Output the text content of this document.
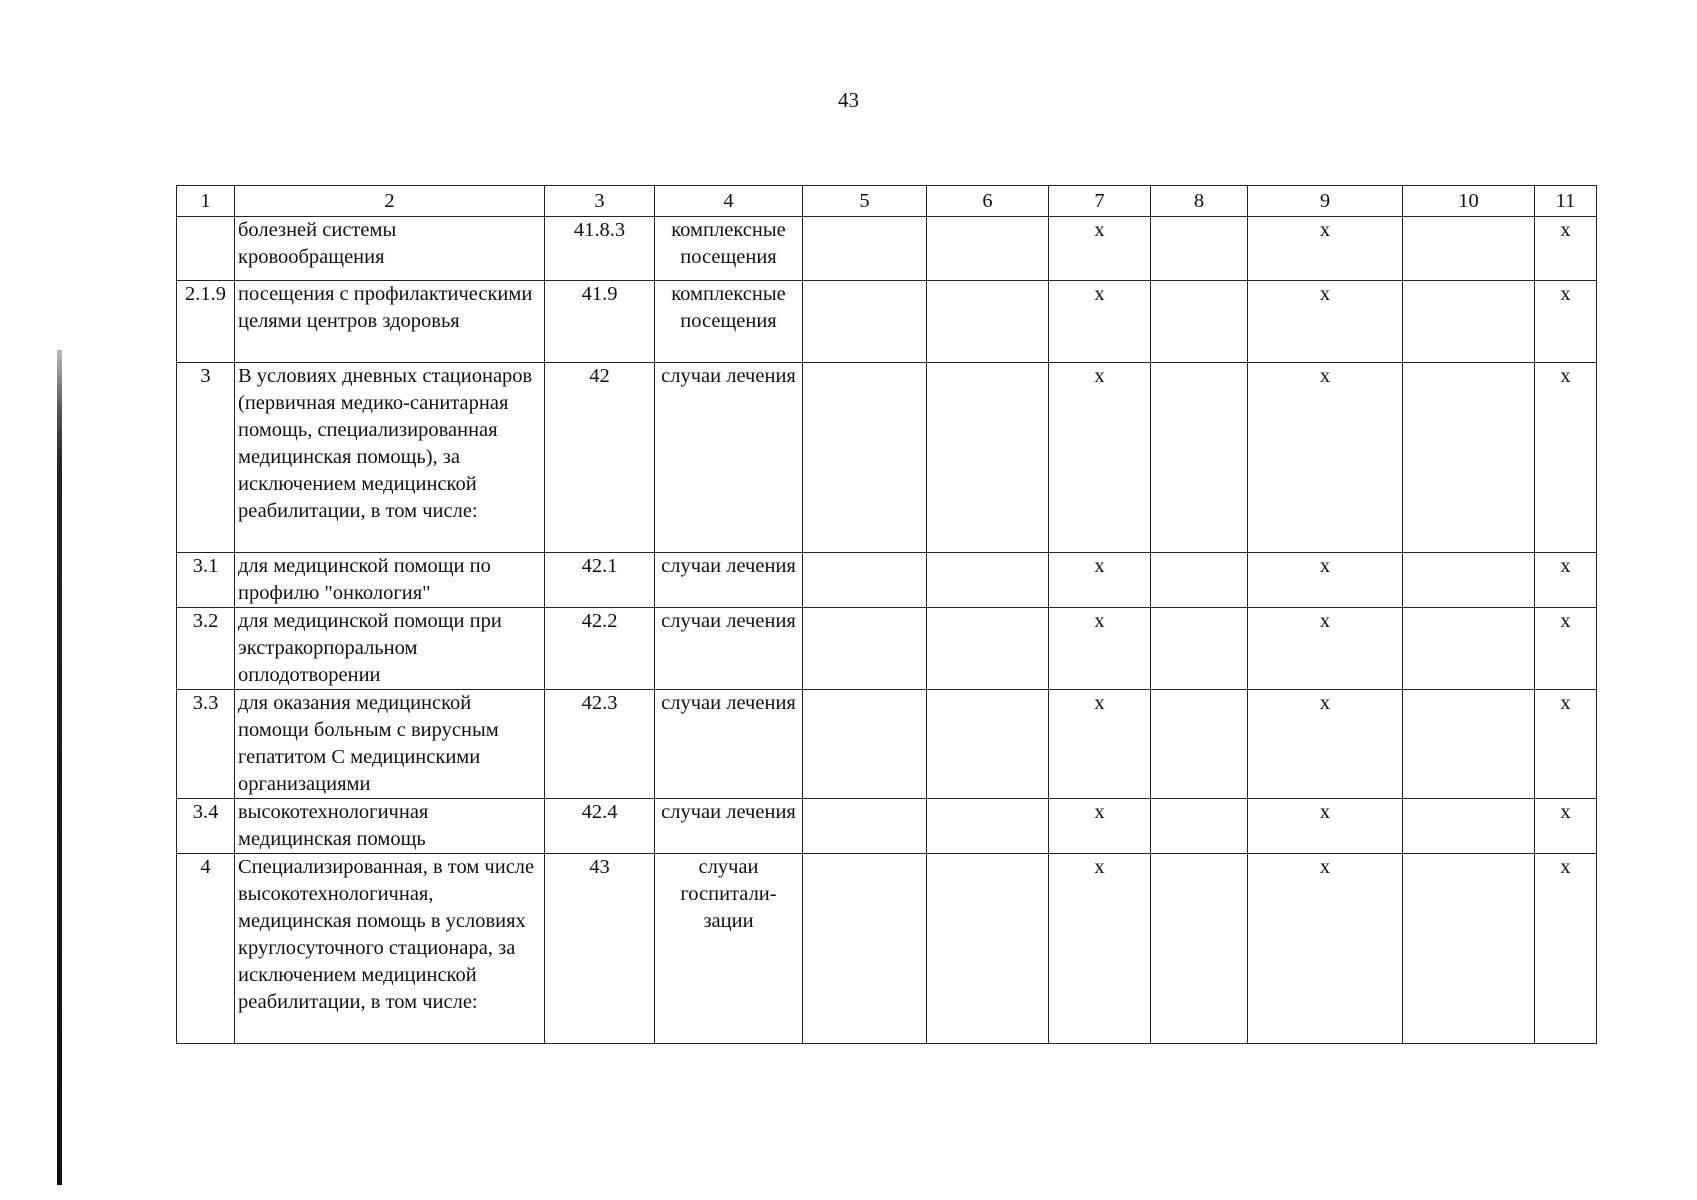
43
1	2	3	4	5	6	7	8	9	10	11
	болезней системы кровообращения	41.8.3	комплексные посещения			х		х		х
2.1.9	посещения с профилактическими целями центров здоровья	41.9	комплексные посещения			х		х		х
3	В условиях дневных стационаров (первичная медико-санитарная помощь, специализированная медицинская помощь), за исключением медицинской реабилитации, в том числе:	42	случаи лечения			х		х		х
3.1	для медицинской помощи по профилю "онкология"	42.1	случаи лечения			х		х		х
3.2	для медицинской помощи при экстракорпоральном оплодотворении	42.2	случаи лечения			х		х		х
3.3	для оказания медицинской помощи больным с вирусным гепатитом С медицинскими организациями	42.3	случаи лечения			х		х		х
3.4	высокотехнологичная медицинская помощь	42.4	случаи лечения			х		х		х
4	Специализированная, в том числе высокотехнологичная, медицинская помощь в условиях круглосуточного стационара, за исключением медицинской реабилитации, в том числе:	43	случаи госпитали-зации			х		х		х
